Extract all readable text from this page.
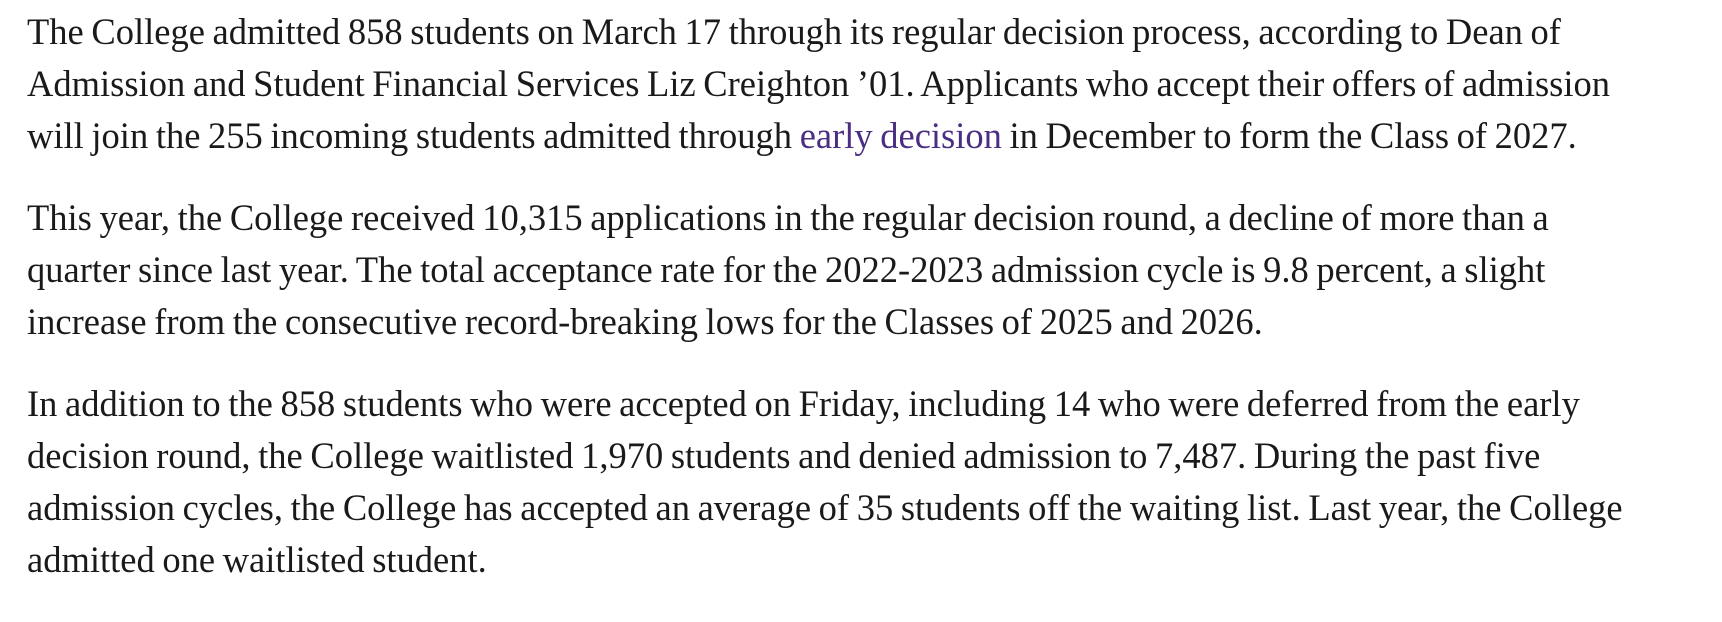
The College admitted 858 students on March 17 through its regular decision process, according to Dean of
Admission and Student Financial Services Liz Creighton ’01. Applicants who accept their offers of admission
will join the 255 incoming students admitted through early decision in December to form the Class of 2027.

This year, the College received 10,315 applications in the regular decision round, a decline of more than a
quarter since last year. The total acceptance rate for the 2022-2023 admission cycle is 9.8 percent, a slight
increase from the consecutive record-breaking lows for the Classes of 2025 and 2026.

In addition to the 858 students who were accepted on Friday, including 14 who were deferred from the early
decision round, the College waitlisted 1,970 students and denied admission to 7,487. During the past five
admission cycles, the College has accepted an average of 35 students off the waiting list. Last year, the College
admitted one waitlisted student.
